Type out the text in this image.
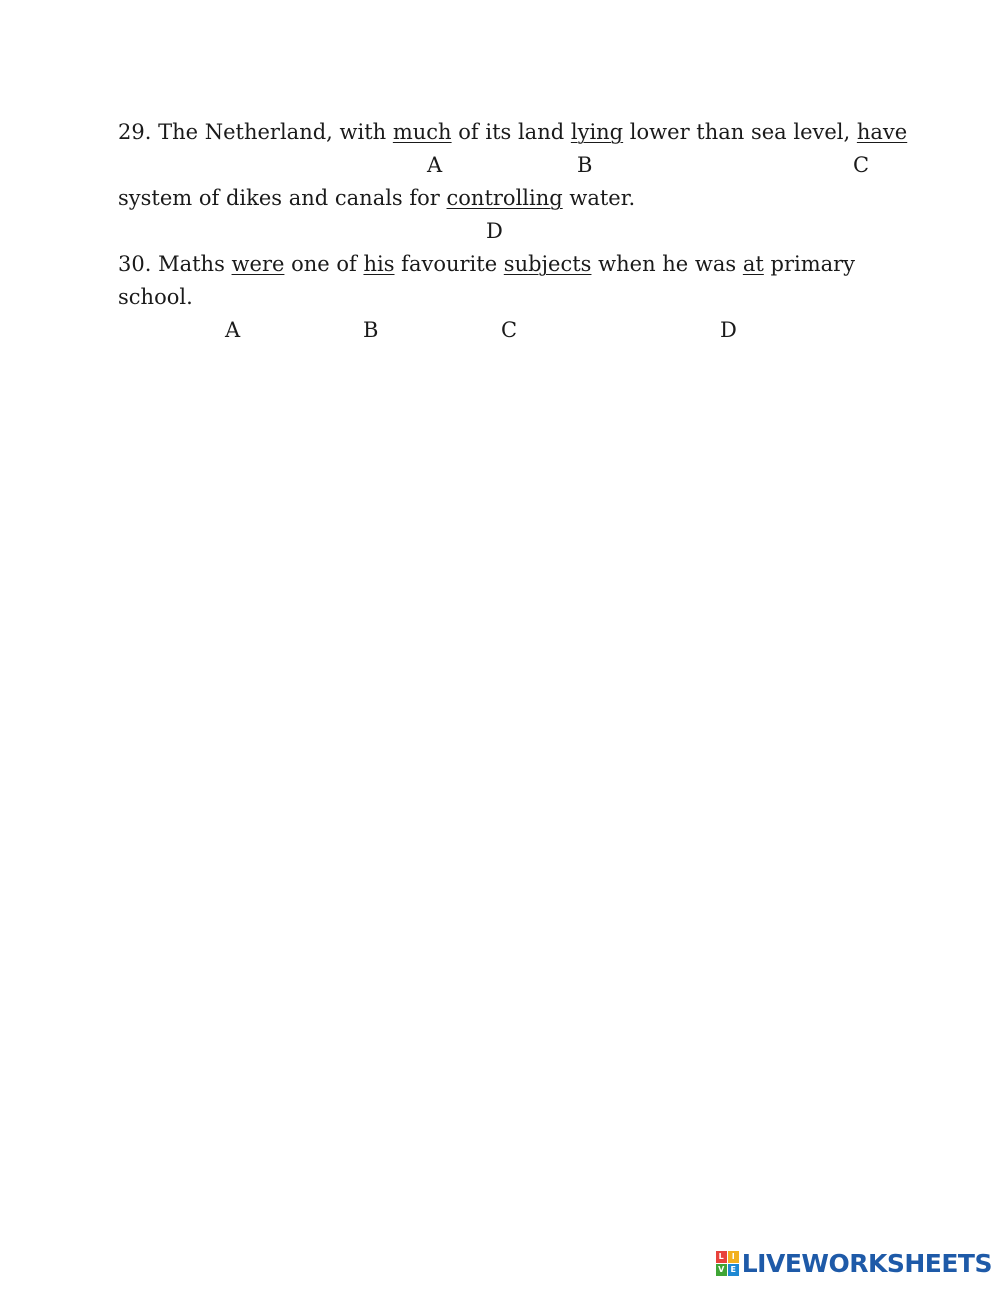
29. The Netherland, with much of its land lying lower than sea level, have
A	B	C
system of dikes and canals for controlling water.
D
30. Maths were one of his favourite subjects when he was at primary
school.
A	B	C	D
L I
V E LIVEWORKSHEETS
